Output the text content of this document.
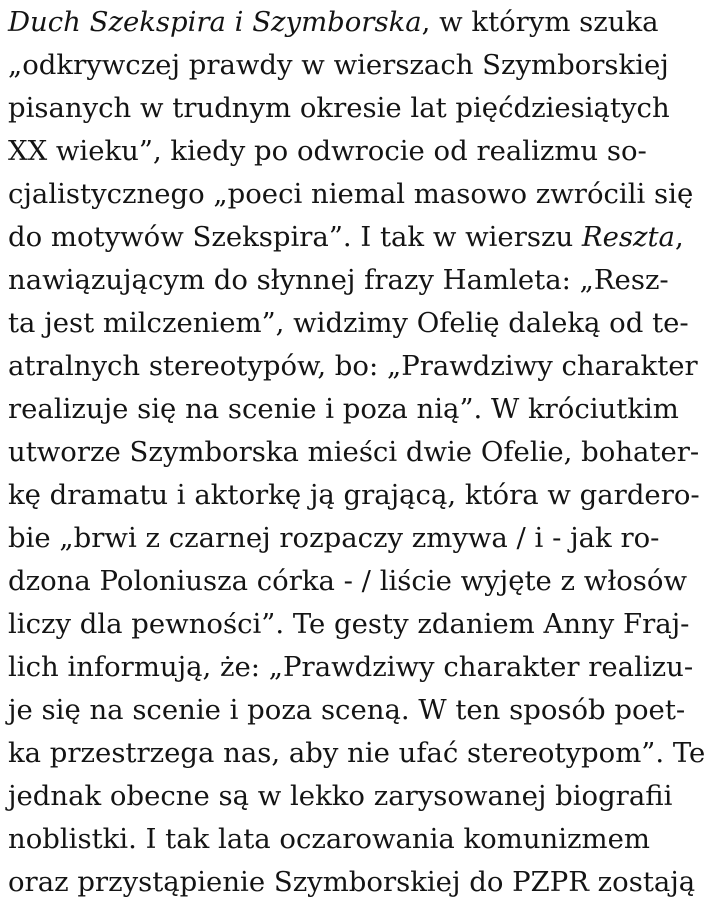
Duch Szekspira i Szymborska, w którym szuka
„odkrywczej prawdy w wierszach Szymborskiej
pisanych w trudnym okresie lat pięćdziesiątych
XX wieku”, kiedy po odwrocie od realizmu so-
cjalistycznego „poeci niemal masowo zwrócili się
do motywów Szekspira”. I tak w wierszu Reszta,
nawiązującym do słynnej frazy Hamleta: „Resz-
ta jest milczeniem”, widzimy Ofelię daleką od te-
atralnych stereotypów, bo: „Prawdziwy charakter
realizuje się na scenie i poza nią”. W króciutkim
utworze Szymborska mieści dwie Ofelie, bohater-
kę dramatu i aktorkę ją grającą, która w gardero-
bie „brwi z czarnej rozpaczy zmywa / i - jak ro-
dzona Poloniusza córka - / liście wyjęte z włosów
liczy dla pewności”. Te gesty zdaniem Anny Fraj-
lich informują, że: „Prawdziwy charakter realizu-
je się na scenie i poza sceną. W ten sposób poet-
ka przestrzega nas, aby nie ufać stereotypom”. Te
jednak obecne są w lekko zarysowanej biografii
noblistki. I tak lata oczarowania komunizmem
oraz przystąpienie Szymborskiej do PZPR zostają
